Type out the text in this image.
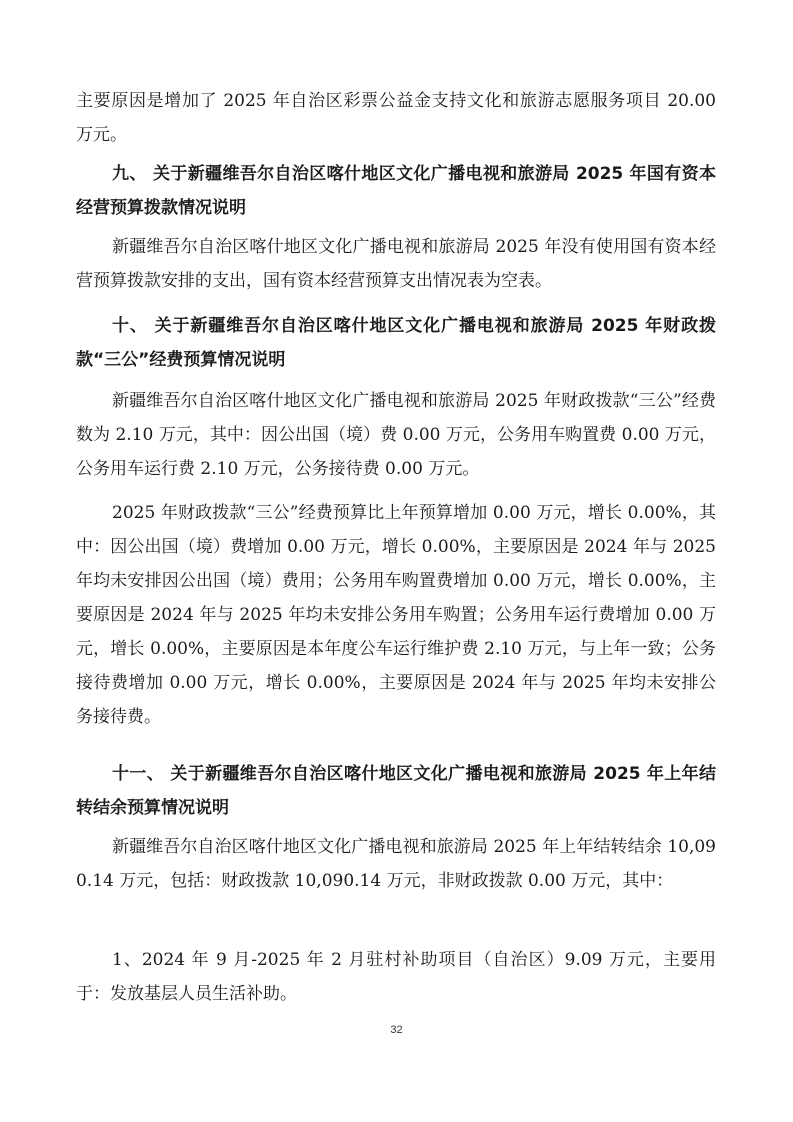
主要原因是增加了 2025 年自治区彩票公益金支持文化和旅游志愿服务项目 20.00 万元。

九、 关于新疆维吾尔自治区喀什地区文化广播电视和旅游局 2025 年国有资本经营预算拨款情况说明

新疆维吾尔自治区喀什地区文化广播电视和旅游局 2025 年没有使用国有资本经营预算拨款安排的支出，国有资本经营预算支出情况表为空表。

十、 关于新疆维吾尔自治区喀什地区文化广播电视和旅游局 2025 年财政拨款“三公”经费预算情况说明

新疆维吾尔自治区喀什地区文化广播电视和旅游局 2025 年财政拨款“三公”经费数为 2.10 万元，其中：因公出国（境）费 0.00 万元，公务用车购置费 0.00 万元，公务用车运行费 2.10 万元，公务接待费 0.00 万元。

2025 年财政拨款“三公”经费预算比上年预算增加 0.00 万元，增长 0.00%，其中：因公出国（境）费增加 0.00 万元，增长 0.00%，主要原因是 2024 年与 2025 年均未安排因公出国（境）费用；公务用车购置费增加 0.00 万元，增长 0.00%，主要原因是 2024 年与 2025 年均未安排公务用车购置；公务用车运行费增加 0.00 万元，增长 0.00%，主要原因是本年度公车运行维护费 2.10 万元，与上年一致；公务接待费增加 0.00 万元，增长 0.00%，主要原因是 2024 年与 2025 年均未安排公务接待费。

十一、 关于新疆维吾尔自治区喀什地区文化广播电视和旅游局 2025 年上年结转结余预算情况说明

新疆维吾尔自治区喀什地区文化广播电视和旅游局 2025 年上年结转结余 10,090.14 万元，包括：财政拨款 10,090.14 万元，非财政拨款 0.00 万元，其中：

1、2024 年 9 月-2025 年 2 月驻村补助项目（自治区）9.09 万元，主要用于：发放基层人员生活补助。

32
